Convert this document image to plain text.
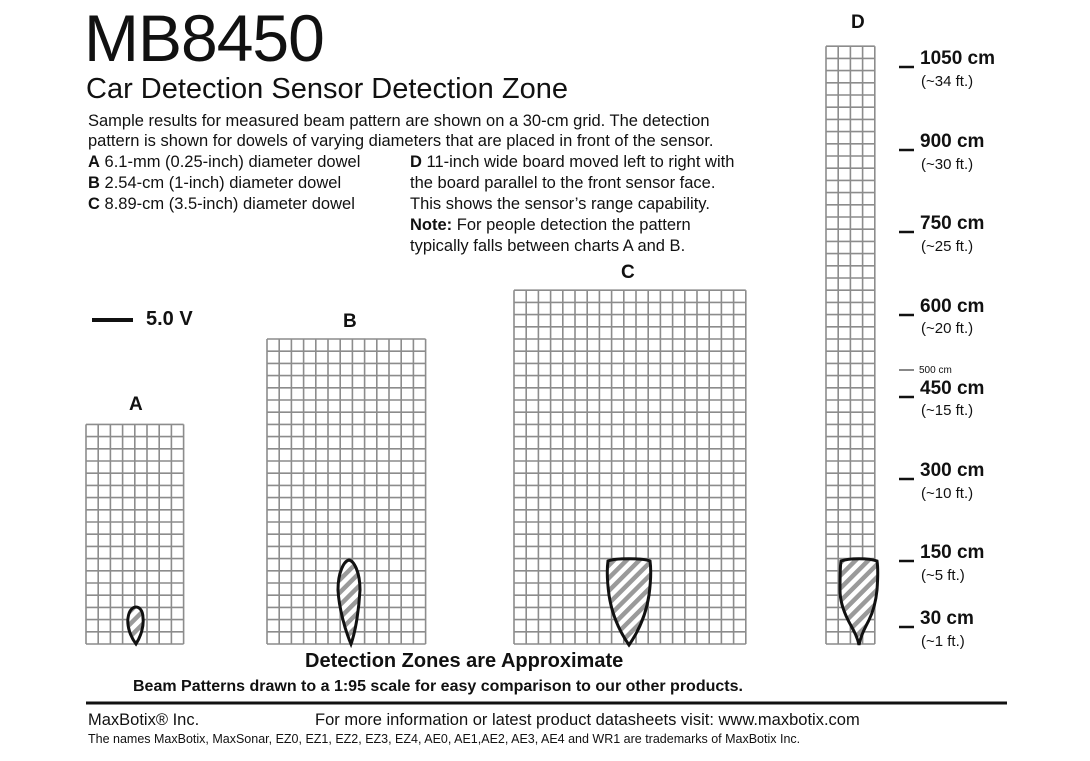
MB8450
Car Detection Sensor Detection Zone
Sample results for measured beam pattern are shown on a 30-cm grid. The detection
pattern is shown for dowels of varying diameters that are placed in front of the sensor.
A 6.1-mm (0.25-inch) diameter dowel
B 2.54-cm (1-inch) diameter dowel
C 8.89-cm (3.5-inch) diameter dowel
D 11-inch wide board moved left to right with
the board parallel to the front sensor face.
This shows the sensor’s range capability.
Note: For people detection the pattern
typically falls between charts A and B.
A
B
C
D
5.0 V
1050 cm
(~34 ft.)
900 cm
(~30 ft.)
750 cm
(~25 ft.)
600 cm
(~20 ft.)
500 cm
450 cm
(~15 ft.)
300 cm
(~10 ft.)
150 cm
(~5 ft.)
30 cm
(~1 ft.)
Detection Zones are Approximate
Beam Patterns drawn to a 1:95 scale for easy comparison to our other products.
MaxBotix® Inc.	For more information or latest product datasheets visit: www.maxbotix.com
The names MaxBotix, MaxSonar, EZ0, EZ1, EZ2, EZ3, EZ4, AE0, AE1,AE2, AE3, AE4 and WR1 are trademarks of MaxBotix Inc.
